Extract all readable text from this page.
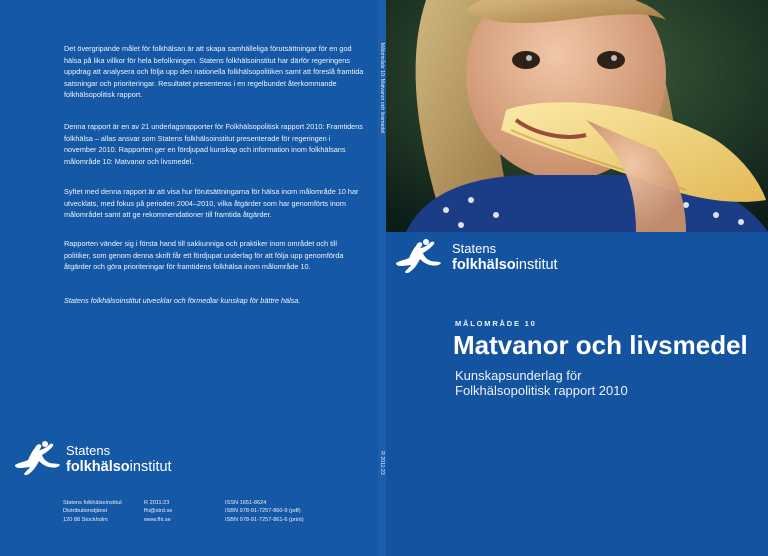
Det övergripande målet för folkhälsan är att skapa samhälleliga förutsättningar för en god hälsa på lika villkor för hela befolkningen. Statens folkhälsoinstitut har därför regeringens uppdrag att analysera och följa upp den nationella folkhälsopolitiken samt att föreslå framtida satsningar och prioriteringar. Resultatet presenteras i en regelbundet återkommande folkhälsopolitisk rapport.

Denna rapport är en av 21 underlagsrapporter för Folkhälsopolitisk rapport 2010: Framtidens folkhälsa – allas ansvar som Statens folkhälsoinstitut presenterade för regeringen i november 2010. Rapporten ger en fördjupad kunskap och information inom folkhälsans målområde 10: Matvanor och livsmedel.

Syftet med denna rapport är att visa hur förutsättningarna för hälsa inom målområde 10 har utvecklats, med fokus på perioden 2004–2010, vilka åtgärder som har genomförts inom målområdet samt att ge rekommendationer till framtida åtgärder.

Rapporten vänder sig i första hand till sakkunniga och praktiker inom området och till politiker, som genom denna skrift får ett fördjupat underlag för att följa upp genomförda åtgärder och göra prioriteringar för framtidens folkhälsa inom målområde 10.

Statens folkhälsoinstitut utvecklar och förmedlar kunskap för bättre hälsa.

Statens
folkhälsoinstitut
Statens folkhälsoinstitut
Distributionstjänst
120 88 Stockholm
R 2011:23
fhi@strd.se
www.fhi.se
ISSN 1651-8624
ISBN 978-91-7257-860-9 (pdf)
ISBN 978-91-7257-861-6 (print)
Målområde 10: Matvanor och livsmedel
R 2011:23
Statens
folkhälsoinstitut
MÅLOMRÅDE 10
Matvanor och livsmedel
Kunskapsunderlag för
Folkhälsopolitisk rapport 2010
